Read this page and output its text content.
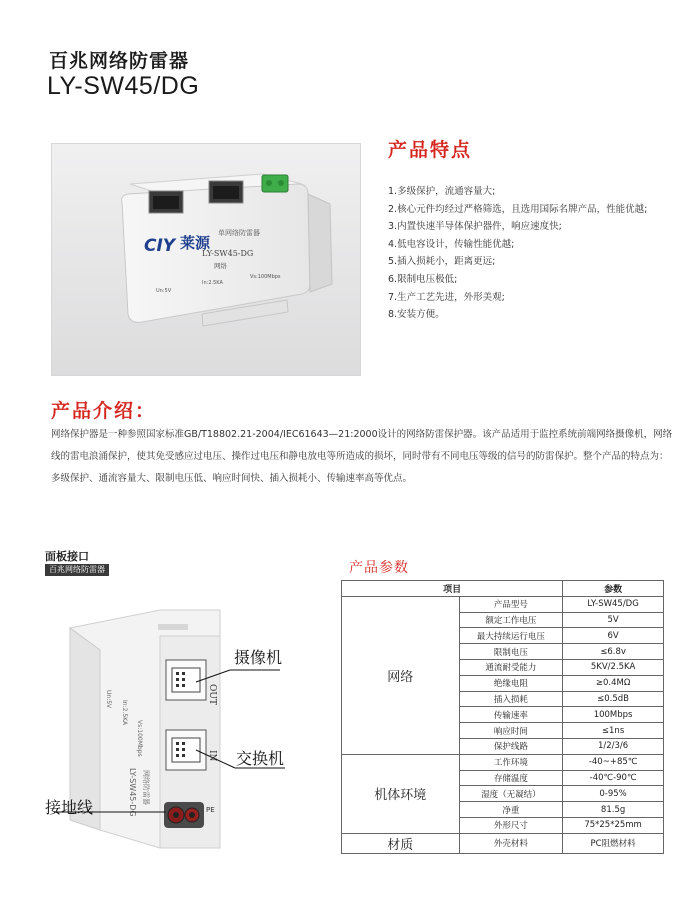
百兆网络防雷器
LY-SW45/DG
CIY 莱源
单网络防雷器
LY-SW45-DG
网络
Un:5V
In:2.5KA
Vs:100Mbps
产品特点
1.多级保护，流通容量大;
2.核心元件均经过严格筛选，且选用国际名牌产品，性能优越;
3.内置快速半导体保护器件，响应速度快;
4.低电容设计，传输性能优越;
5.插入损耗小，距离更远;
6.限制电压极低;
7.生产工艺先进，外形美观;
8.安装方便。
产品介绍：

网络保护器是一种参照国家标准GB/T18802.21-2004/IEC61643—21:2000设计的网络防雷保护器。该产品适用于监控系统前端网络摄像机，网络线的雷电浪涌保护，使其免受感应过电压、操作过电压和静电放电等所造成的损坏，同时带有不同电压等级的信号的防雷保护。整个产品的特点为：多级保护、通流容量大、限制电压低、响应时间快、插入损耗小、传输速率高等优点。

面板接口
百兆网络防雷器
Un:5V
In:2.5KA
Vs:100Mbps
LY-SW45-DG 网络防雷器
OUT
IN
PE
摄像机
交换机
接地线
产品参数
项目		参数
网络	产品型号	LY-SW45/DG
	额定工作电压	5V
	最大持续运行电压	6V
	限制电压	≤6.8v
	通流耐受能力	5KV/2.5KA
	绝缘电阻	≥0.4MΩ
	插入损耗	≤0.5dB
	传输速率	100Mbps
	响应时间	≤1ns
	保护线路	1/2/3/6
机体环境	工作环境	-40~+85℃
	存储温度	-40℃-90℃
	湿度（无凝结）	0-95%
	净重	81.5g
	外形尺寸	75*25*25mm
材质	外壳材料	PC阻燃材料
